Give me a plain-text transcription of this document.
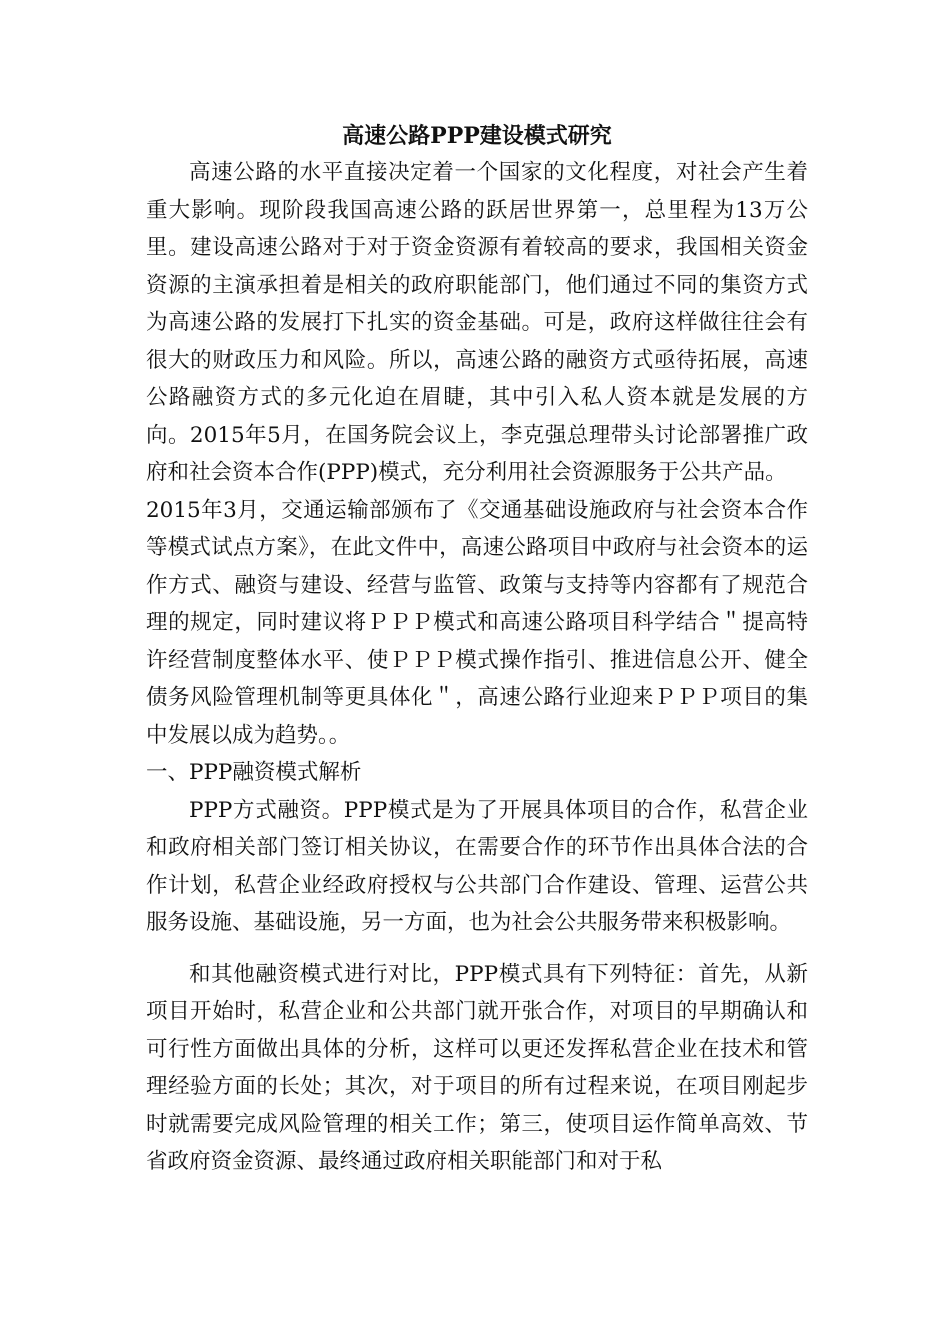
高速公路PPP建设模式研究

高速公路的水平直接决定着一个国家的文化程度，对社会产生着重大影响。现阶段我国高速公路的跃居世界第一，总里程为13万公里。建设高速公路对于对于资金资源有着较高的要求，我国相关资金资源的主演承担着是相关的政府职能部门，他们通过不同的集资方式为高速公路的发展打下扎实的资金基础。可是，政府这样做往往会有很大的财政压力和风险。所以，高速公路的融资方式亟待拓展，高速公路融资方式的多元化迫在眉睫，其中引入私人资本就是发展的方向。2015年5月，在国务院会议上，李克强总理带头讨论部署推广政府和社会资本合作(PPP)模式，充分利用社会资源服务于公共产品。

2015年3月，交通运输部颁布了《交通基础设施政府与社会资本合作等模式试点方案》，在此文件中，高速公路项目中政府与社会资本的运作方式、融资与建设、经营与监管、政策与支持等内容都有了规范合理的规定，同时建议将ＰＰＰ模式和高速公路项目科学结合＂提高特许经营制度整体水平、使ＰＰＰ模式操作指引、推进信息公开、健全债务风险管理机制等更具体化＂，高速公路行业迎来ＰＰＰ项目的集中发展以成为趋势。。

一、PPP融资模式解析

PPP方式融资。PPP模式是为了开展具体项目的合作，私营企业和政府相关部门签订相关协议，在需要合作的环节作出具体合法的合作计划，私营企业经政府授权与公共部门合作建设、管理、运营公共服务设施、基础设施，另一方面，也为社会公共服务带来积极影响。

和其他融资模式进行对比，PPP模式具有下列特征：首先，从新项目开始时，私营企业和公共部门就开张合作，对项目的早期确认和可行性方面做出具体的分析，这样可以更还发挥私营企业在技术和管理经验方面的长处；其次，对于项目的所有过程来说，在项目刚起步时就需要完成风险管理的相关工作；第三，使项目运作简单高效、节省政府资金资源、最终通过政府相关职能部门和对于私
